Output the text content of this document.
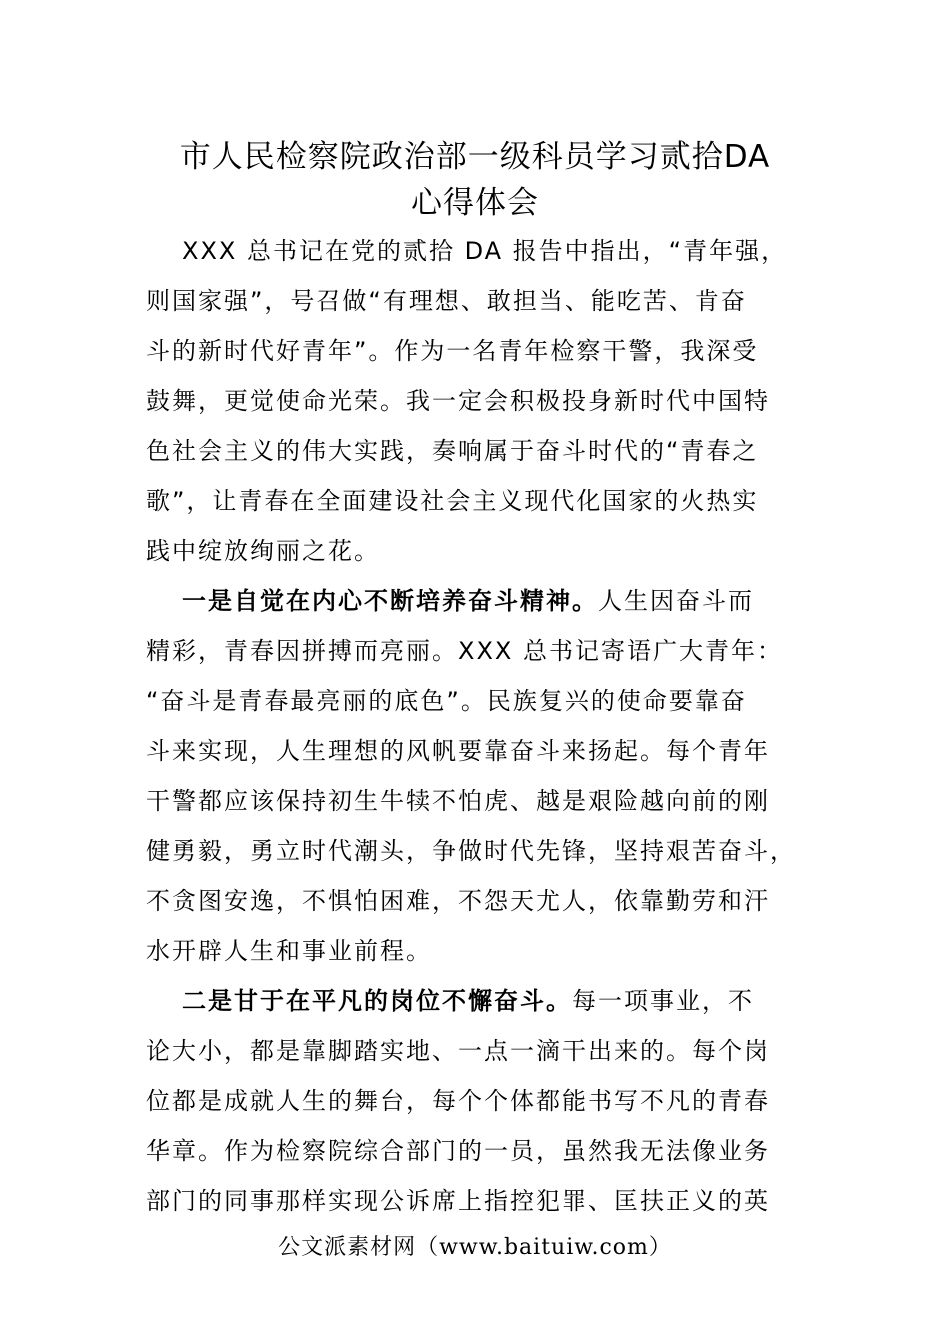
市人民检察院政治部一级科员学习贰拾DA
心得体会
XXX 总书记在党的贰拾 DA 报告中指出，“青年强，
则国家强”，号召做“有理想、敢担当、能吃苦、肯奋
斗的新时代好青年”。作为一名青年检察干警，我深受
鼓舞，更觉使命光荣。我一定会积极投身新时代中国特
色社会主义的伟大实践，奏响属于奋斗时代的“青春之
歌”，让青春在全面建设社会主义现代化国家的火热实
践中绽放绚丽之花。
一是自觉在内心不断培养奋斗精神。人生因奋斗而
精彩，青春因拼搏而亮丽。XXX 总书记寄语广大青年：
“奋斗是青春最亮丽的底色”。民族复兴的使命要靠奋
斗来实现，人生理想的风帆要靠奋斗来扬起。每个青年
干警都应该保持初生牛犊不怕虎、越是艰险越向前的刚
健勇毅，勇立时代潮头，争做时代先锋，坚持艰苦奋斗，
不贪图安逸，不惧怕困难，不怨天尤人，依靠勤劳和汗
水开辟人生和事业前程。
二是甘于在平凡的岗位不懈奋斗。每一项事业，不
论大小，都是靠脚踏实地、一点一滴干出来的。每个岗
位都是成就人生的舞台，每个个体都能书写不凡的青春
华章。作为检察院综合部门的一员，虽然我无法像业务
部门的同事那样实现公诉席上指控犯罪、匡扶正义的英
公文派素材网（www.baituiw.com）
